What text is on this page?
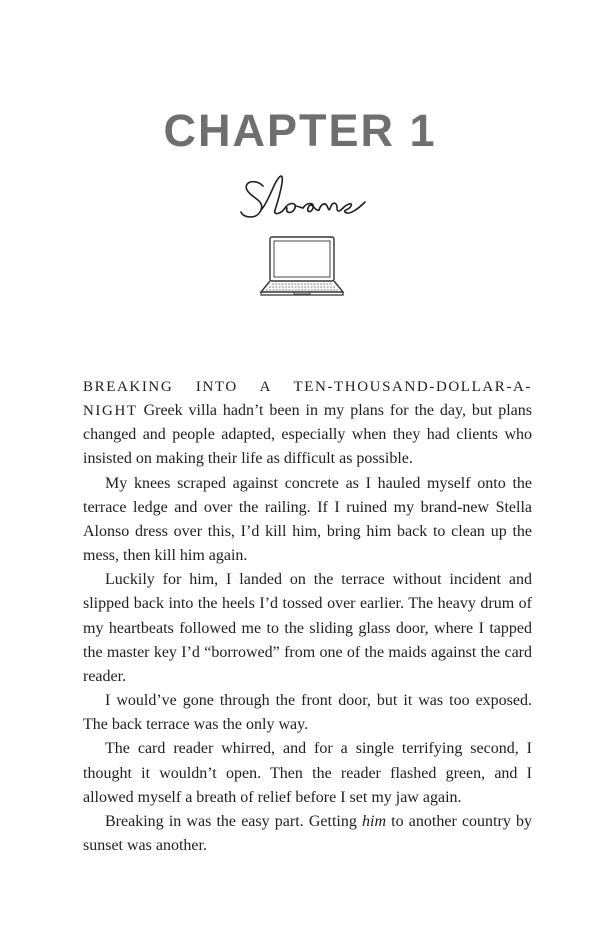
CHAPTER 1

BREAKING INTO A TEN-THOUSAND-DOLLAR-A-NIGHT Greek villa hadn’t been in my plans for the day, but plans changed and people adapted, especially when they had clients who insisted on making their life as difficult as possible.

My knees scraped against concrete as I hauled myself onto the terrace ledge and over the railing. If I ruined my brand-new Stella Alonso dress over this, I’d kill him, bring him back to clean up the mess, then kill him again.

Luckily for him, I landed on the terrace without incident and slipped back into the heels I’d tossed over earlier. The heavy drum of my heartbeats followed me to the sliding glass door, where I tapped the master key I’d “borrowed” from one of the maids against the card reader.

I would’ve gone through the front door, but it was too exposed. The back terrace was the only way.

The card reader whirred, and for a single terrifying second, I thought it wouldn’t open. Then the reader flashed green, and I allowed myself a breath of relief before I set my jaw again.

Breaking in was the easy part. Getting him to another country by sunset was another.
